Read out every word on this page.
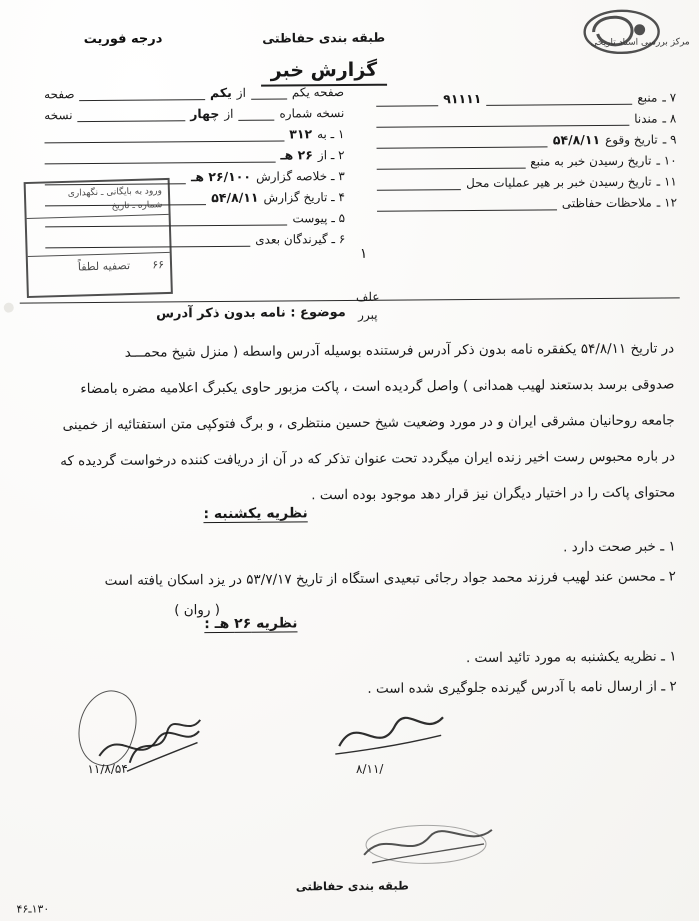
مرکز بررسی اسناد تاریخی
درجه فوریت	طبقه بندی حفاظتی
گزارش خبر
صفحه یکم
از
یکم
صفحه
نسخه شماره
از
چهار
نسخه
۱ ـ به
۳۱۲
۲ ـ از
۲۶ هـ
۳ ـ خلاصه گزارش
۲۶/۱۰۰ هـ
۴ ـ تاریخ گزارش
۵۴/۸/۱۱
۵ ـ پیوست
۶ ـ گیرندگان بعدی
۷ ـ
منبع
۹۱۱۱۱
۸ ـ
مندنا
۹ ـ
تاریخ وقوع
۵۴/۸/۱۱
۱۰ ـ
تاریخ رسیدن خبر به منبع
۱۱ ـ
تاریخ رسیدن خبر بر هیر عملیات محل
۱۲ ـ
ملاحظات حفاظتی
ورود به بایگانی ـ نگهداری
شماره ـ تاریخ
تصفیه لطفاً ۶۶
۱
علف
پبرر
موضوع : نامه بدون ذکر آدرس

در تاریخ ۵۴/۸/۱۱ یکفقره نامه بدون ذکر آدرس فرستنده بوسیله آدرس واسطه ( منزل شیخ محمـــد

صدوقی برسد بدستعند لهیب همدانی ) واصل گردیده است ، پاکت مزبور حاوی یکبرگ اعلامیه مضره بامضاء

جامعه روحانیان مشرقی ایران و در مورد وضعیت شیخ حسین منتظری ، و برگ فتوکپی متن استفتائیه از خمینی

در باره محبوس رست اخیر زنده ایران میگردد تحت عنوان تذکر که در آن از دریافت کننده درخواست گردیده که

محتوای پاکت را در اختیار دیگران نیز قرار دهد موجود بوده است .

نظریه یکشنبه :
۱ ـ خبر صحت دارد .
۲ ـ محسن عند لهیب فرزند محمد جواد رجائی تبعیدی استگاه از تاریخ ۵۳/۷/۱۷ در یزد اسکان یافته است
( روان )
نظریه ۲۶ هـ :
۱ ـ نظریه یکشنبه به مورد تائید است .
۲ ـ از ارسال نامه با آدرس گیرنده جلوگیری شده است .
/۸/۱۱
۱۱/۸/۵۴
طبقه بندی حفاظتی
۱۳۰ـ۴۶
